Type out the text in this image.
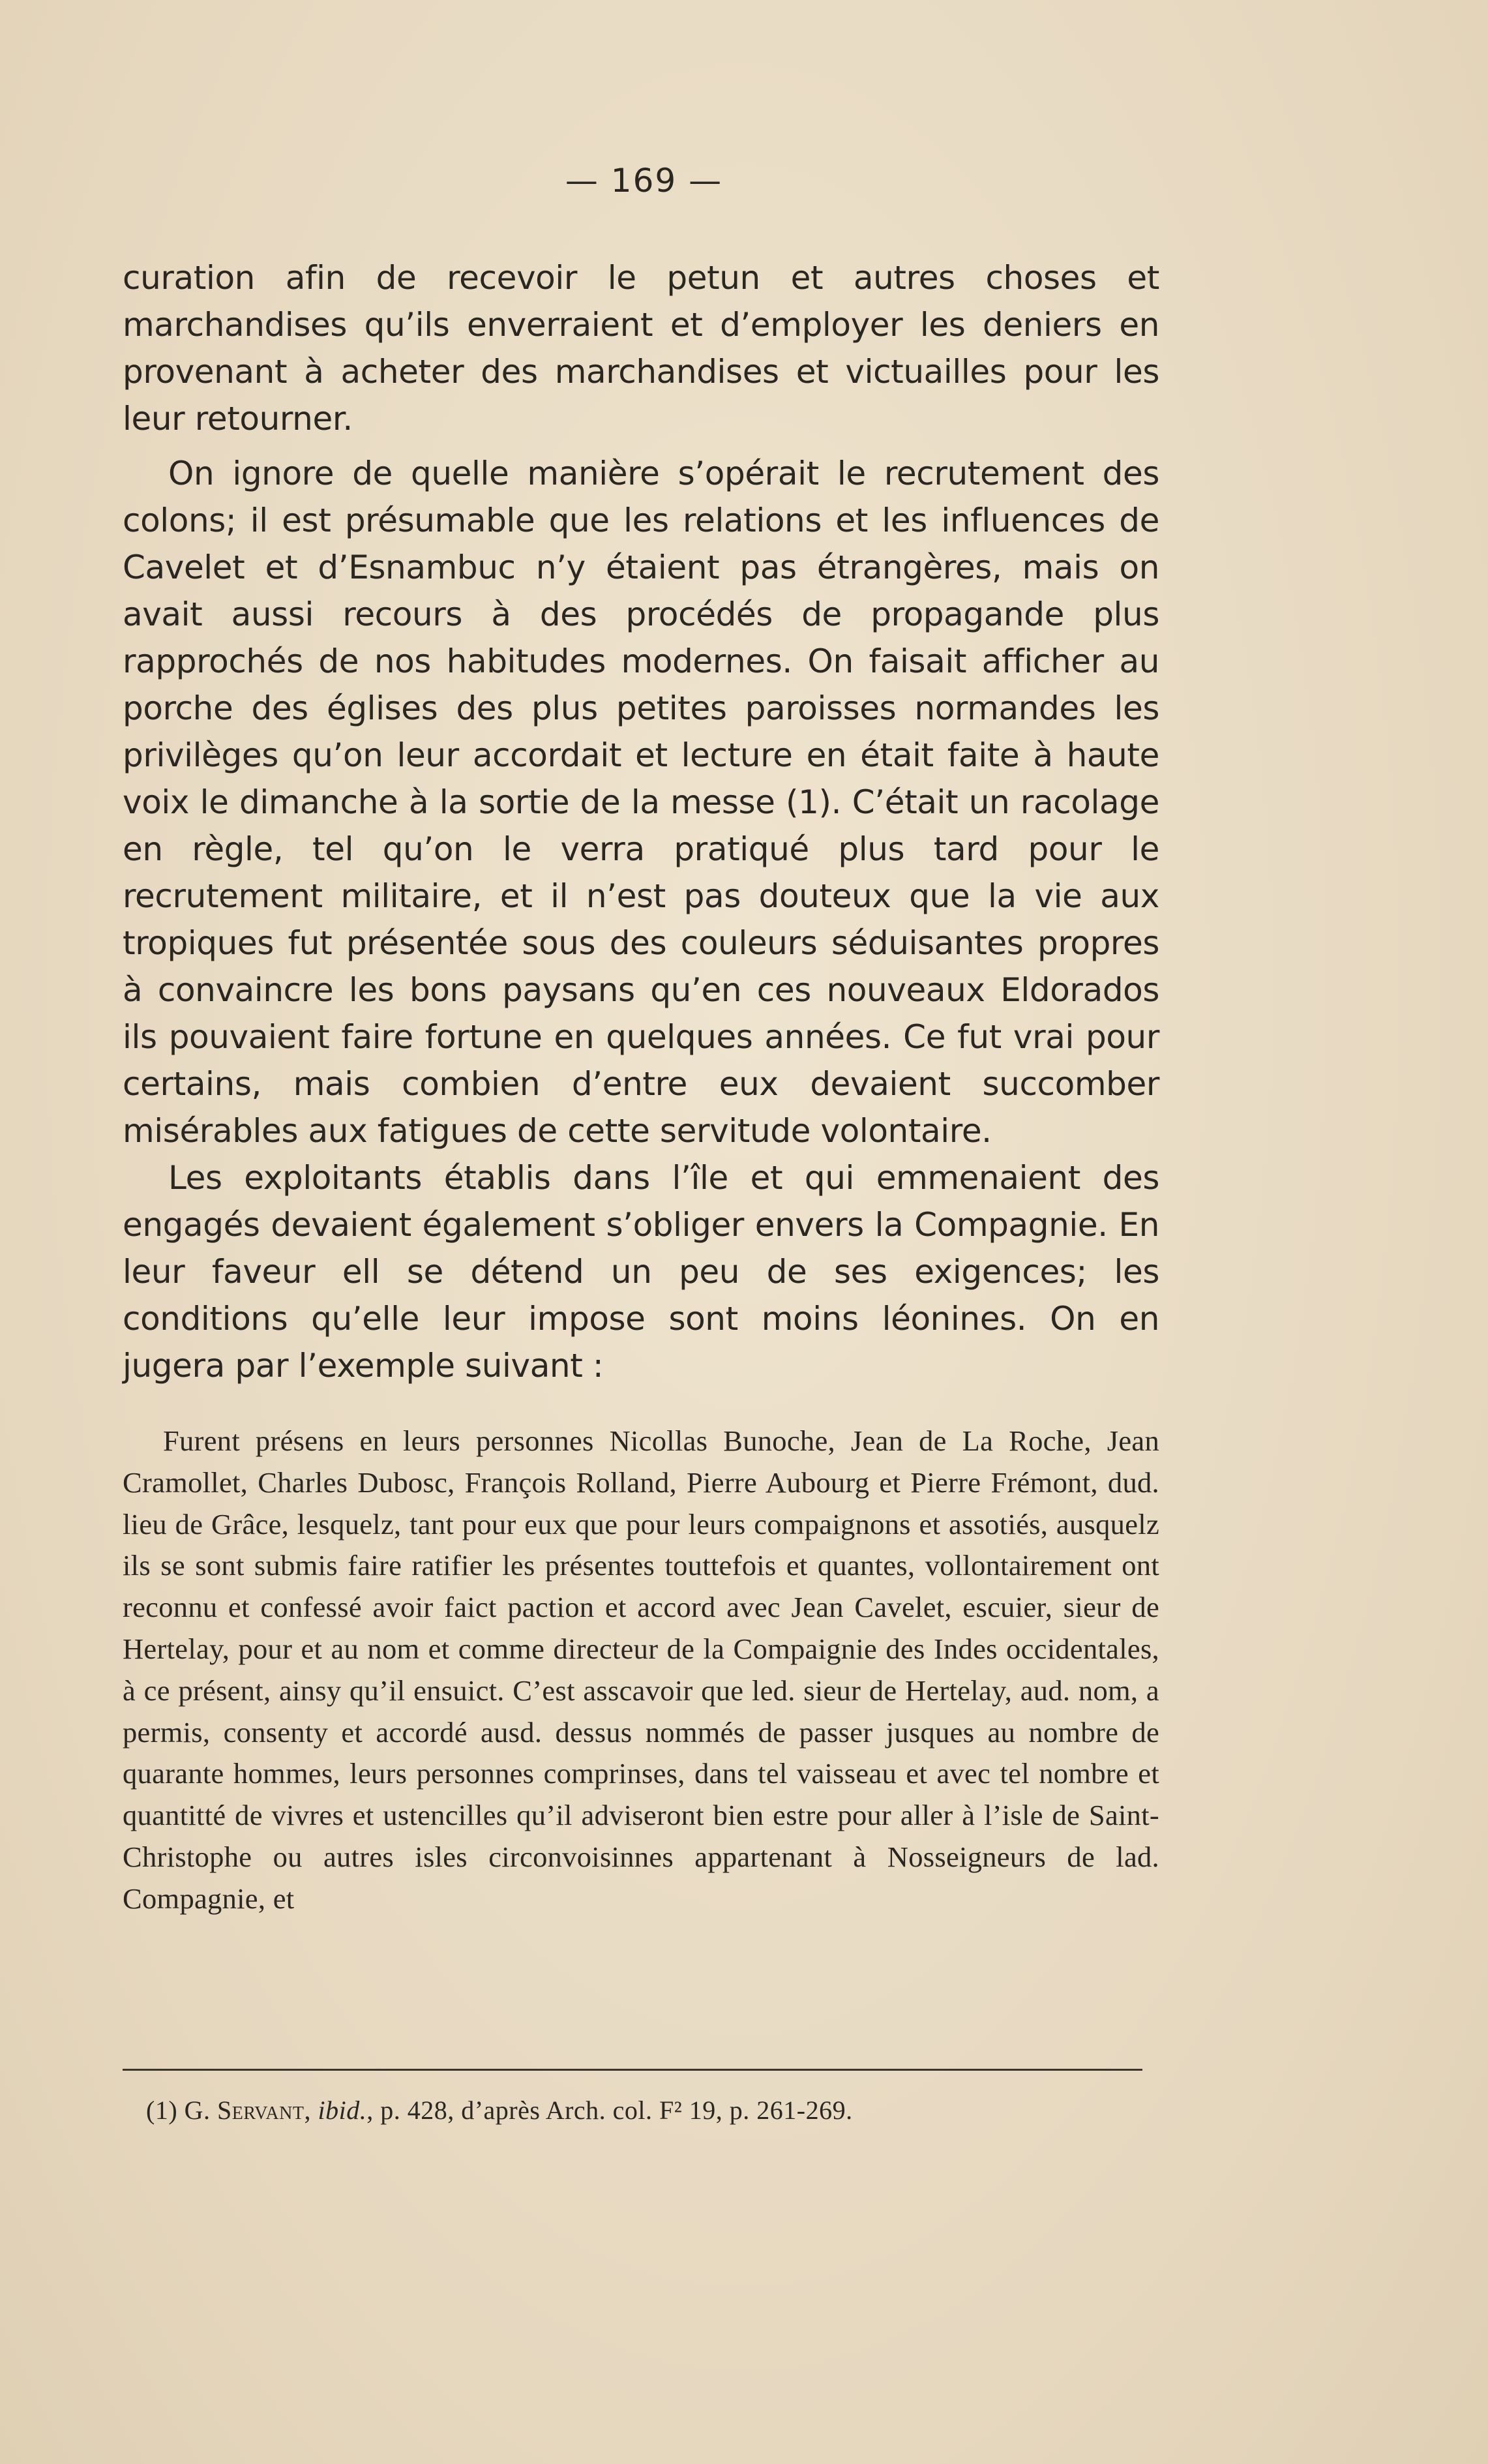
— 169 —

curation afin de recevoir le petun et autres choses et marchandises qu’ils enverraient et d’employer les deniers en provenant à acheter des marchandises et victuailles pour les leur retourner.

On ignore de quelle manière s’opérait le recrutement des colons; il est présumable que les relations et les influences de Cavelet et d’Esnambuc n’y étaient pas étrangères, mais on avait aussi recours à des procédés de propagande plus rapprochés de nos habitudes modernes. On faisait afficher au porche des églises des plus petites paroisses normandes les privilèges qu’on leur accordait et lecture en était faite à haute voix le dimanche à la sortie de la messe (1). C’était un racolage en règle, tel qu’on le verra pratiqué plus tard pour le recrutement militaire, et il n’est pas douteux que la vie aux tropiques fut présentée sous des couleurs séduisantes propres à convaincre les bons paysans qu’en ces nouveaux Eldorados ils pouvaient faire fortune en quelques années. Ce fut vrai pour certains, mais combien d’entre eux devaient succomber misérables aux fatigues de cette servitude volontaire.

Les exploitants établis dans l’île et qui emmenaient des engagés devaient également s’obliger envers la Compagnie. En leur faveur ell se détend un peu de ses exigences; les conditions qu’elle leur impose sont moins léonines. On en jugera par l’exemple suivant :

Furent présens en leurs personnes Nicollas Bunoche, Jean de La Roche, Jean Cramollet, Charles Dubosc, François Rolland, Pierre Aubourg et Pierre Frémont, dud. lieu de Grâce, lesquelz, tant pour eux que pour leurs compaignons et assotiés, ausquelz ils se sont submis faire ratifier les présentes touttefois et quantes, vollontairement ont reconnu et confessé avoir faict paction et accord avec Jean Cavelet, escuier, sieur de Hertelay, pour et au nom et comme directeur de la Compaignie des Indes occidentales, à ce présent, ainsy qu’il ensuict. C’est asscavoir que led. sieur de Hertelay, aud. nom, a permis, consenty et accordé ausd. dessus nommés de passer jusques au nombre de quarante hommes, leurs personnes comprinses, dans tel vaisseau et avec tel nombre et quantitté de vivres et ustencilles qu’il adviseront bien estre pour aller à l’isle de Saint-Christophe ou autres isles circonvoisinnes appartenant à Nosseigneurs de lad. Compagnie, et

(1) G. Servant, ibid., p. 428, d’après Arch. col. F² 19, p. 261-269.
